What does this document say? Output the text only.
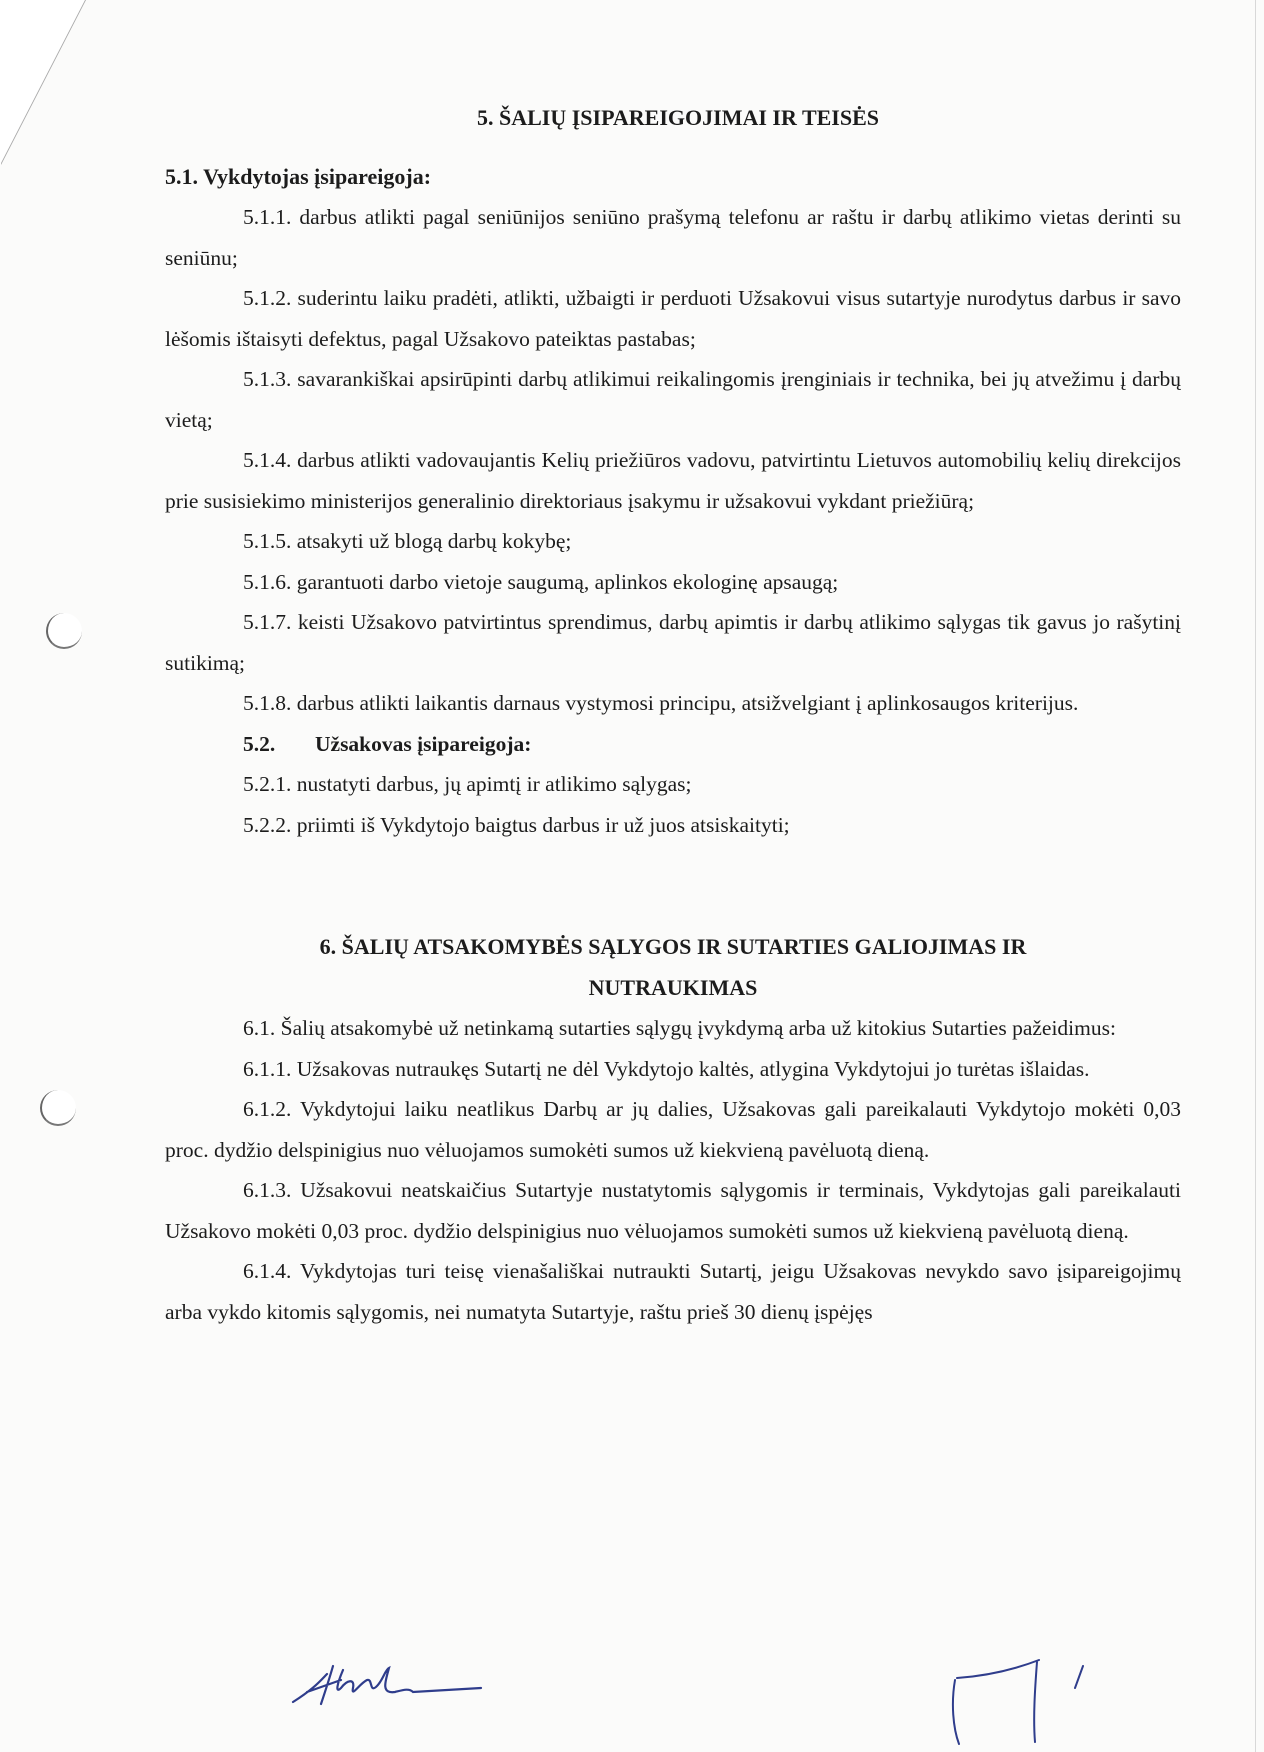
5. ŠALIŲ ĮSIPAREIGOJIMAI IR TEISĖS
5.1. Vykdytojas įsipareigoja:

5.1.1. darbus atlikti pagal seniūnijos seniūno prašymą telefonu ar raštu ir darbų atlikimo vietas derinti su seniūnu;

5.1.2. suderintu laiku pradėti, atlikti, užbaigti ir perduoti Užsakovui visus sutartyje nurodytus darbus ir savo lėšomis ištaisyti defektus, pagal Užsakovo pateiktas pastabas;

5.1.3. savarankiškai apsirūpinti darbų atlikimui reikalingomis įrenginiais ir technika, bei jų atvežimu į darbų vietą;

5.1.4. darbus atlikti vadovaujantis Kelių priežiūros vadovu, patvirtintu Lietuvos automobilių kelių direkcijos prie susisiekimo ministerijos generalinio direktoriaus įsakymu ir užsakovui vykdant priežiūrą;

5.1.5. atsakyti už blogą darbų kokybę;

5.1.6. garantuoti darbo vietoje saugumą, aplinkos ekologinę apsaugą;

5.1.7. keisti Užsakovo patvirtintus sprendimus, darbų apimtis ir darbų atlikimo sąlygas tik gavus jo rašytinį sutikimą;

5.1.8. darbus atlikti laikantis darnaus vystymosi principu, atsižvelgiant į aplinkosaugos kriterijus.

5.2. Užsakovas įsipareigoja:

5.2.1. nustatyti darbus, jų apimtį ir atlikimo sąlygas;

5.2.2. priimti iš Vykdytojo baigtus darbus ir už juos atsiskaityti;

6. ŠALIŲ ATSAKOMYBĖS SĄLYGOS IR SUTARTIES GALIOJIMAS IR
NUTRAUKIMAS

6.1. Šalių atsakomybė už netinkamą sutarties sąlygų įvykdymą arba už kitokius Sutarties pažeidimus:

6.1.1. Užsakovas nutraukęs Sutartį ne dėl Vykdytojo kaltės, atlygina Vykdytojui jo turėtas išlaidas.

6.1.2. Vykdytojui laiku neatlikus Darbų ar jų dalies, Užsakovas gali pareikalauti Vykdytojo mokėti 0,03 proc. dydžio delspinigius nuo vėluojamos sumokėti sumos už kiekvieną pavėluotą dieną.

6.1.3. Užsakovui neatskaičius Sutartyje nustatytomis sąlygomis ir terminais, Vykdytojas gali pareikalauti Užsakovo mokėti 0,03 proc. dydžio delspinigius nuo vėluojamos sumokėti sumos už kiekvieną pavėluotą dieną.

6.1.4. Vykdytojas turi teisę vienašališkai nutraukti Sutartį, jeigu Užsakovas nevykdo savo įsipareigojimų arba vykdo kitomis sąlygomis, nei numatyta Sutartyje, raštu prieš 30 dienų įspėjęs
